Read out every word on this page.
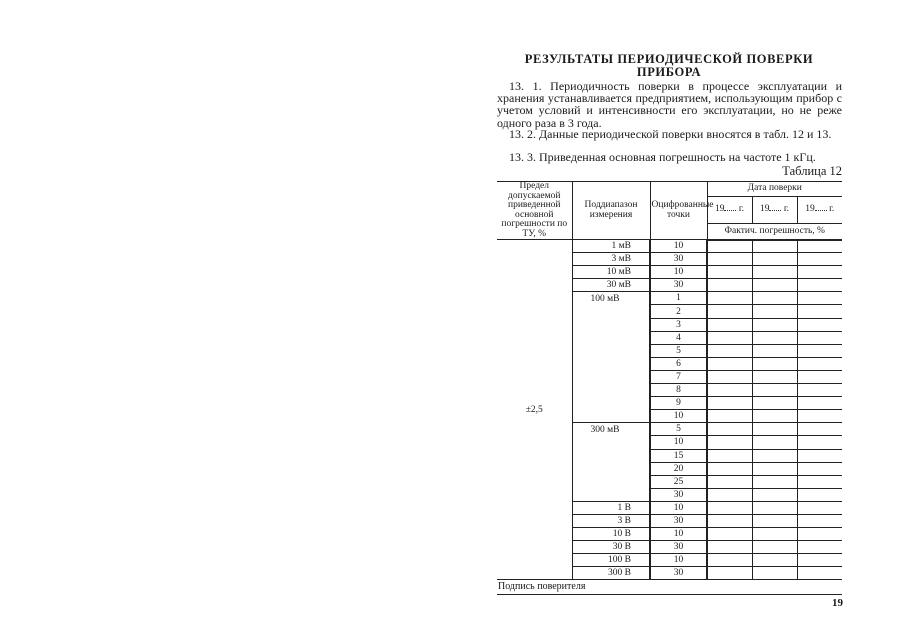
РЕЗУЛЬТАТЫ ПЕРИОДИЧЕСКОЙ ПОВЕРКИ ПРИБОРА

13. 1. Периодичность поверки в процессе эксплуатации и хранения устанавливается предприятием, использующим прибор с учетом условий и интенсивности его эксплуатации, но не реже одного раза в 3 года.

13. 2. Данные периодической поверки вносятся в табл. 12 и 13.

13. 3. Приведенная основная погрешность на частоте 1 кГц.

Таблица 12
Предел допускаемой приведенной основной погрешности по ТУ, %	Поддиапазон измерения	Оцифрованные точки	Дата поверки		
			19 г.	19 г.	19 г.
			Фактич. погрешность, %		
±2,5	1 мВ	10			
	3 мВ	30			
	10 мВ	10			
	30 мВ	30			
	100 мВ	1			
		2			
		3			
		4			
		5			
		6			
		7			
		8			
		9			
		10			
	300 мВ	5			
		10			
		15			
		20			
		25			
		30			
	1 В	10			
	3 В	30			
	10 В	10			
	30 В	30			
	100 В	10			
	300 В	30			
Подпись поверителя					
19
